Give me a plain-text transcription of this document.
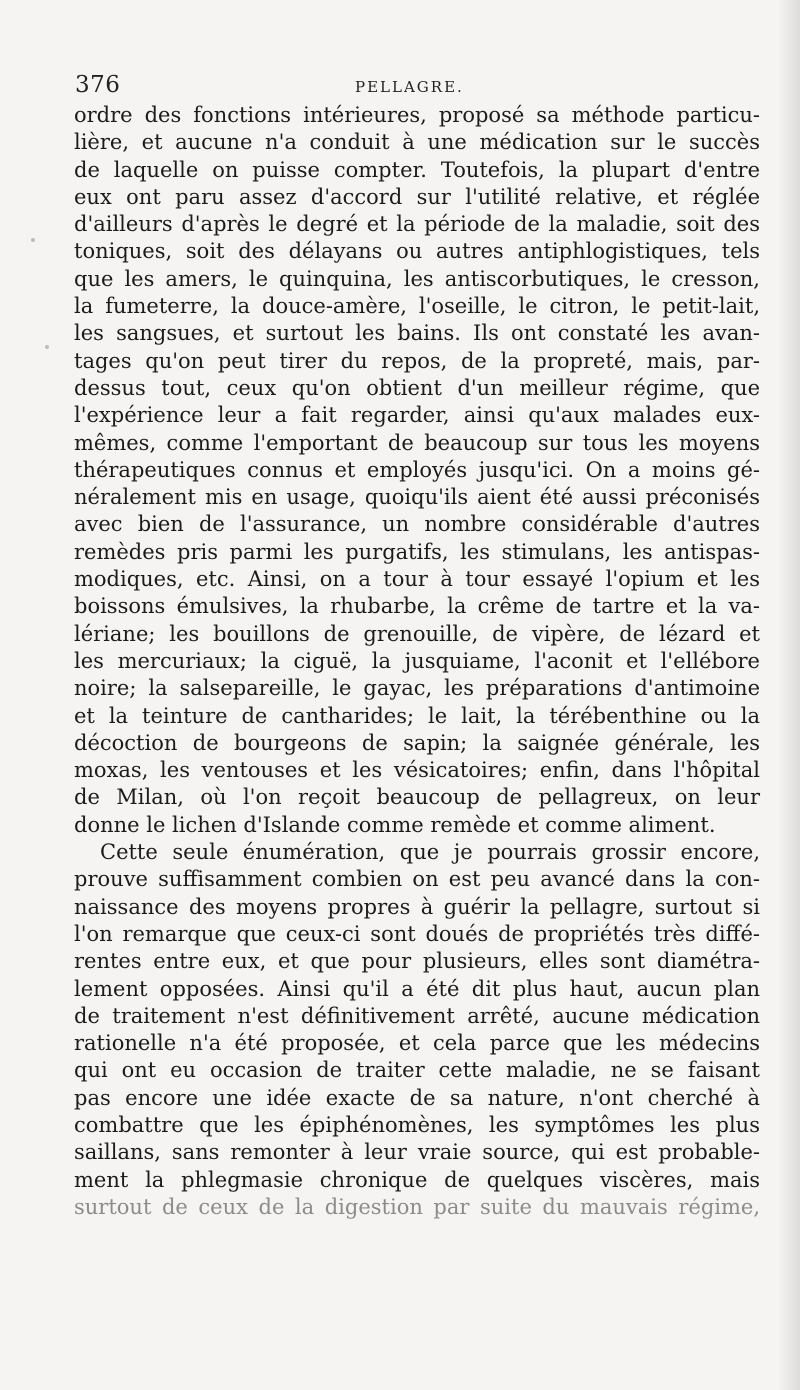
376	PELLAGRE.
ordre des fonctions intérieures, proposé sa méthode particu-
lière, et aucune n'a conduit à une médication sur le succès
de laquelle on puisse compter. Toutefois, la plupart d'entre
eux ont paru assez d'accord sur l'utilité relative, et réglée
d'ailleurs d'après le degré et la période de la maladie, soit des
toniques, soit des délayans ou autres antiphlogistiques, tels
que les amers, le quinquina, les antiscorbutiques, le cresson,
la fumeterre, la douce-amère, l'oseille, le citron, le petit-lait,
les sangsues, et surtout les bains. Ils ont constaté les avan-
tages qu'on peut tirer du repos, de la propreté, mais, par-
dessus tout, ceux qu'on obtient d'un meilleur régime, que
l'expérience leur a fait regarder, ainsi qu'aux malades eux-
mêmes, comme l'emportant de beaucoup sur tous les moyens
thérapeutiques connus et employés jusqu'ici. On a moins gé-
néralement mis en usage, quoiqu'ils aient été aussi préconisés
avec bien de l'assurance, un nombre considérable d'autres
remèdes pris parmi les purgatifs, les stimulans, les antispas-
modiques, etc. Ainsi, on a tour à tour essayé l'opium et les
boissons émulsives, la rhubarbe, la crême de tartre et la va-
lériane; les bouillons de grenouille, de vipère, de lézard et
les mercuriaux; la ciguë, la jusquiame, l'aconit et l'ellébore
noire; la salsepareille, le gayac, les préparations d'antimoine
et la teinture de cantharides; le lait, la térébenthine ou la
décoction de bourgeons de sapin; la saignée générale, les
moxas, les ventouses et les vésicatoires; enfin, dans l'hôpital
de Milan, où l'on reçoit beaucoup de pellagreux, on leur
donne le lichen d'Islande comme remède et comme aliment.
Cette seule énumération, que je pourrais grossir encore,
prouve suffisamment combien on est peu avancé dans la con-
naissance des moyens propres à guérir la pellagre, surtout si
l'on remarque que ceux-ci sont doués de propriétés très diffé-
rentes entre eux, et que pour plusieurs, elles sont diamétra-
lement opposées. Ainsi qu'il a été dit plus haut, aucun plan
de traitement n'est définitivement arrêté, aucune médication
rationelle n'a été proposée, et cela parce que les médecins
qui ont eu occasion de traiter cette maladie, ne se faisant
pas encore une idée exacte de sa nature, n'ont cherché à
combattre que les épiphénomènes, les symptômes les plus
saillans, sans remonter à leur vraie source, qui est probable-
ment la phlegmasie chronique de quelques viscères, mais
surtout de ceux de la digestion par suite du mauvais régime,
